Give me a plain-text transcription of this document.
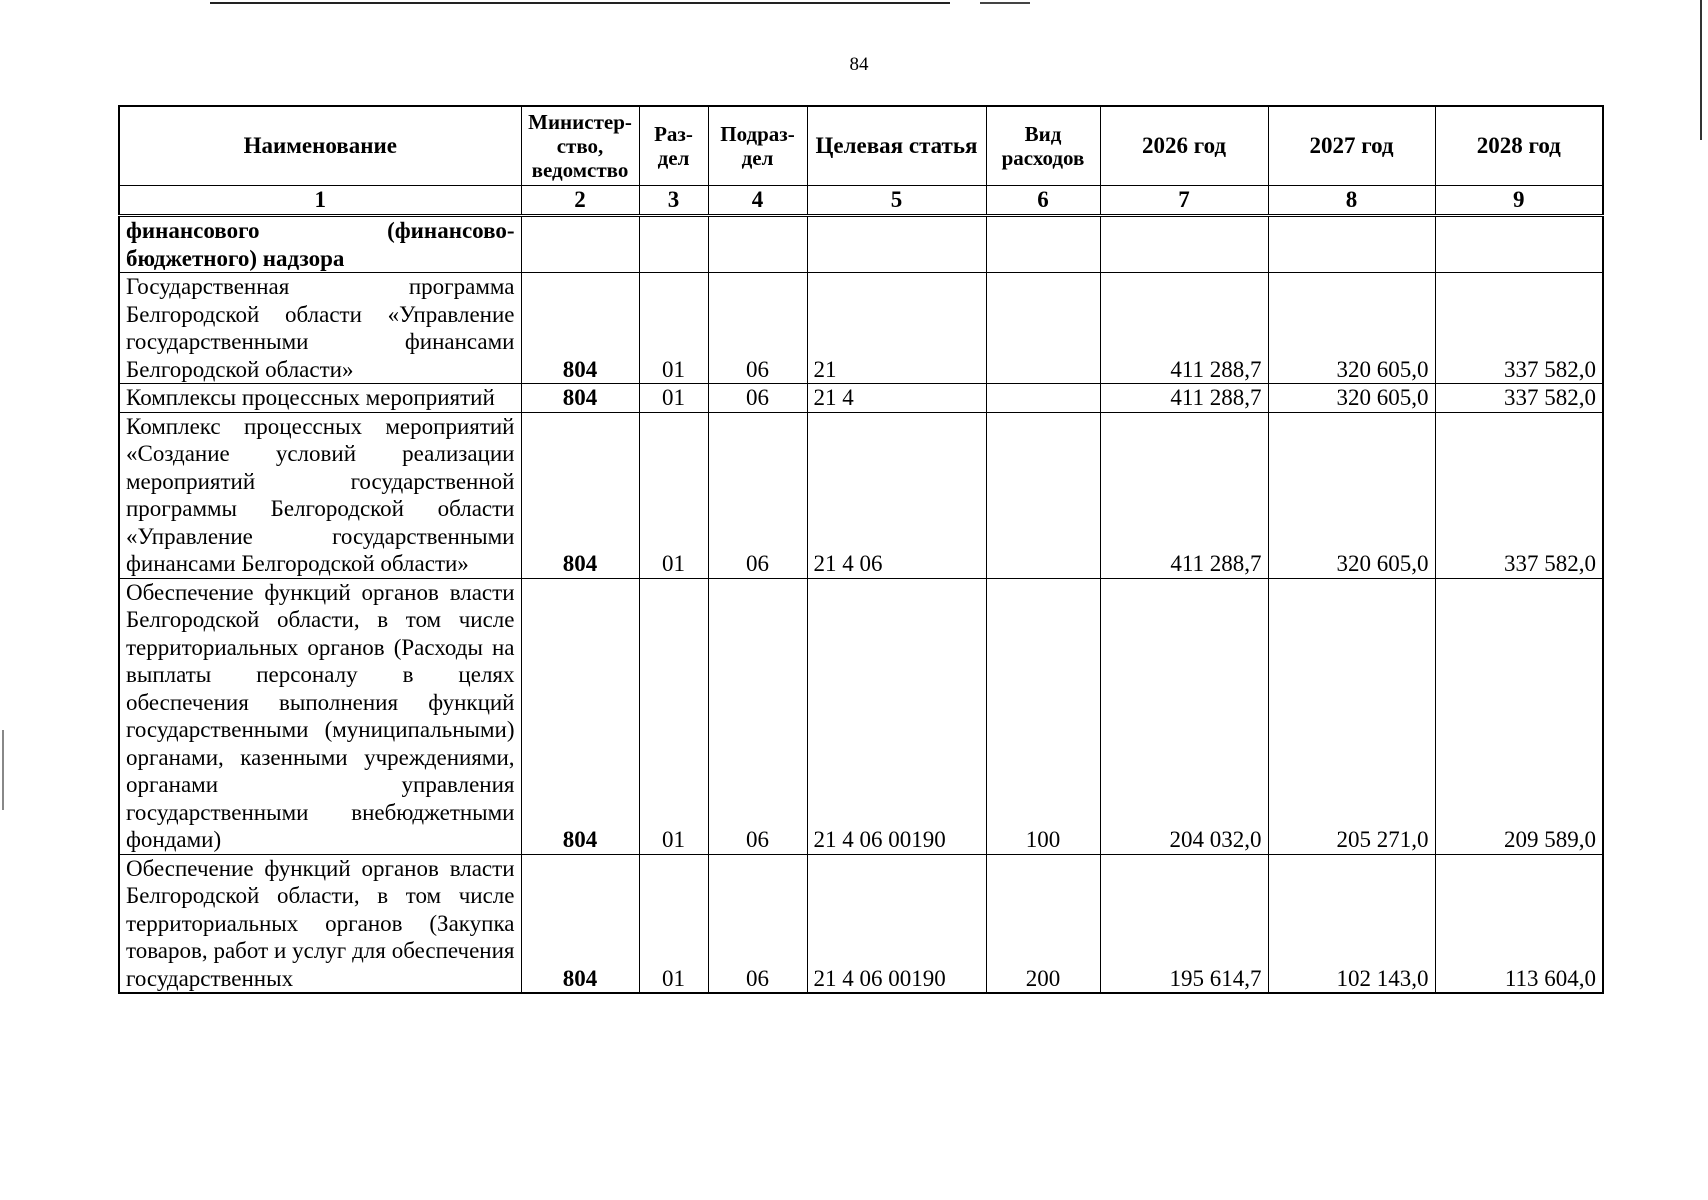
84
Наименование	Министер-ство, ведомство	Раз-дел	Подраз-дел	Целевая статья	Вид расходов	2026 год	2027 год	2028 год
1	2	3	4	5	6	7	8	9
финансового (финансово-бюджетного) надзора								
Государственная программа Белгородской области «Управление государственными финансами Белгородской области»	804	01	06	21		411 288,7	320 605,0	337 582,0
Комплексы процессных мероприятий	804	01	06	21 4		411 288,7	320 605,0	337 582,0
Комплекс процессных мероприятий «Создание условий реализации мероприятий государственной программы Белгородской области «Управление государственными финансами Белгородской области»	804	01	06	21 4 06		411 288,7	320 605,0	337 582,0
Обеспечение функций органов власти Белгородской области, в том числе территориальных органов (Расходы на выплаты персоналу в целях обеспечения выполнения функций государственными (муниципальными) органами, казенными учреждениями, органами управления государственными внебюджетными фондами)	804	01	06	21 4 06 00190	100	204 032,0	205 271,0	209 589,0
Обеспечение функций органов власти Белгородской области, в том числе территориальных органов (Закупка товаров, работ и услуг для обеспечения государственных	804	01	06	21 4 06 00190	200	195 614,7	102 143,0	113 604,0
